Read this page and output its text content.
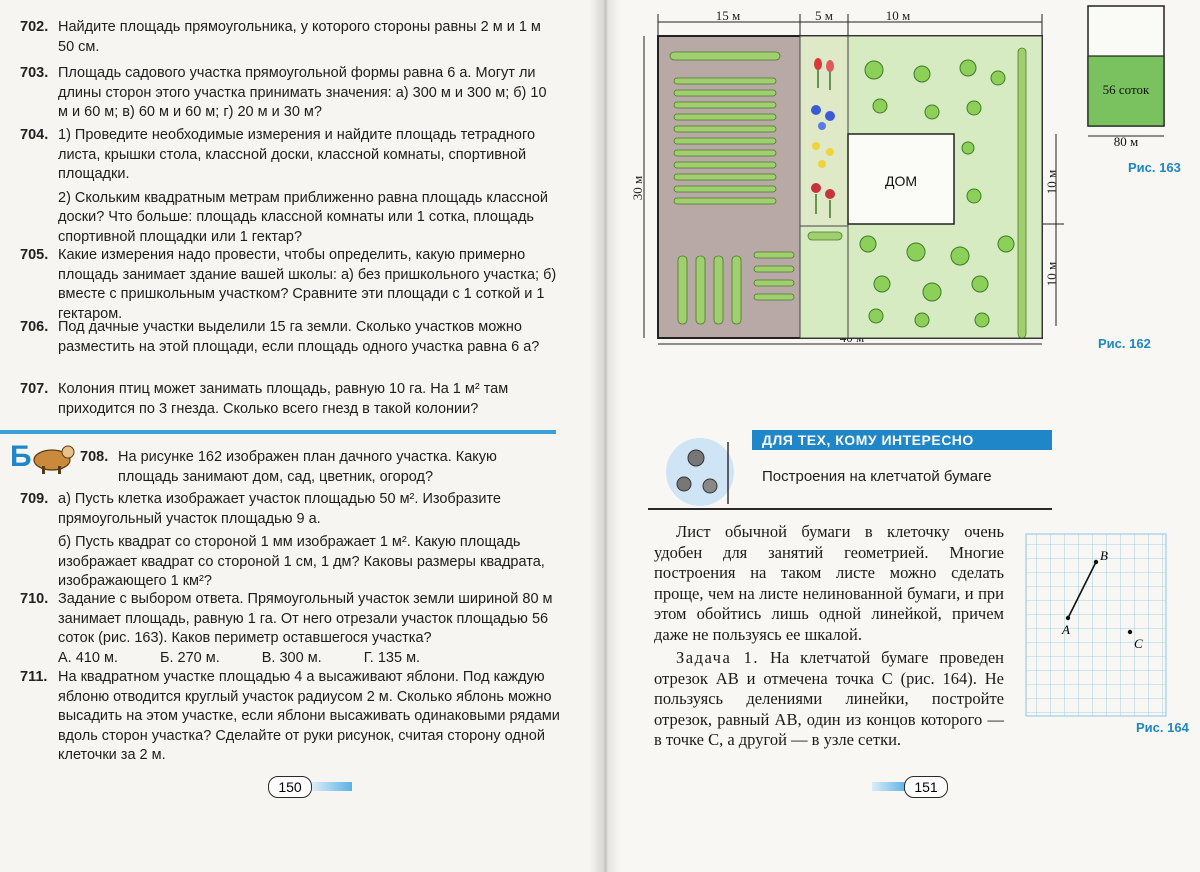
702. Найдите площадь прямоугольника, у которого стороны равны 2 м и 1 м 50 см.

703. Площадь садового участка прямоугольной формы равна 6 а. Могут ли длины сторон этого участка принимать значения: а) 300 м и 300 м; б) 10 м и 60 м; в) 60 м и 60 м; г) 20 м и 30 м?

704. 1) Проведите необходимые измерения и найдите площадь тетрадного листа, крышки стола, классной доски, классной комнаты, спортивной площадки.

2) Скольким квадратным метрам приближенно равна площадь классной доски? Что больше: площадь классной комнаты или 1 сотка, площадь спортивной площадки или 1 гектар?

705. Какие измерения надо провести, чтобы определить, какую примерно площадь занимает здание вашей школы: а) без пришкольного участка; б) вместе с пришкольным участком? Сравните эти площади с 1 соткой и 1 гектаром.

706. Под дачные участки выделили 15 га земли. Сколько участков можно разместить на этой площади, если площадь одного участка равна 6 а?

707. Колония птиц может занимать площадь, равную 10 га. На 1 м² там приходится по 3 гнезда. Сколько всего гнезд в такой колонии?

Б	708. На рисунке 162 изображен план дачного участка. Какую площадь занимают дом, сад, цветник, огород?

709. а) Пусть клетка изображает участок площадью 50 м². Изобразите прямоугольный участок площадью 9 а.

б) Пусть квадрат со стороной 1 мм изображает 1 м². Какую площадь изображает квадрат со стороной 1 см, 1 дм? Каковы размеры квадрата, изображающего 1 км²?

710. Задание с выбором ответа. Прямоугольный участок земли шириной 80 м занимает площадь, равную 1 га. От него отрезали участок площадью 56 соток (рис. 163). Каков периметр оставшегося участка?

А. 410 м.	Б. 270 м.	В. 300 м.	Г. 135 м.
711. На квадратном участке площадью 4 а высаживают яблони. Под каждую яблоню отводится круглый участок радиусом 2 м. Сколько яблонь можно высадить на этом участке, если яблони высаживать одинаковыми рядами вдоль сторон участка? Сделайте от руки рисунок, считая сторону одной клеточки за 2 м.

150
15 м	5 м	10 м
30 м	10 м
10 м
ДОМ
Рис. 162
56 соток
80 м
Рис. 163
ДЛЯ ТЕХ, КОМУ ИНТЕРЕСНО
Построения на клетчатой бумаге

Лист обычной бумаги в клеточку очень удобен для занятий геометрией. Многие построения на таком листе можно сделать проще, чем на листе нелинованной бумаги, и при этом обойтись лишь одной линейкой, причем даже не пользуясь ее шкалой.

Задача 1. На клетчатой бумаге проведен отрезок AB и отмечена точка C (рис. 164). Не пользуясь делениями линейки, постройте отрезок, равный AB, один из концов которого — в точке C, а другой — в узле сетки.

A
B
C
Рис. 164
151
